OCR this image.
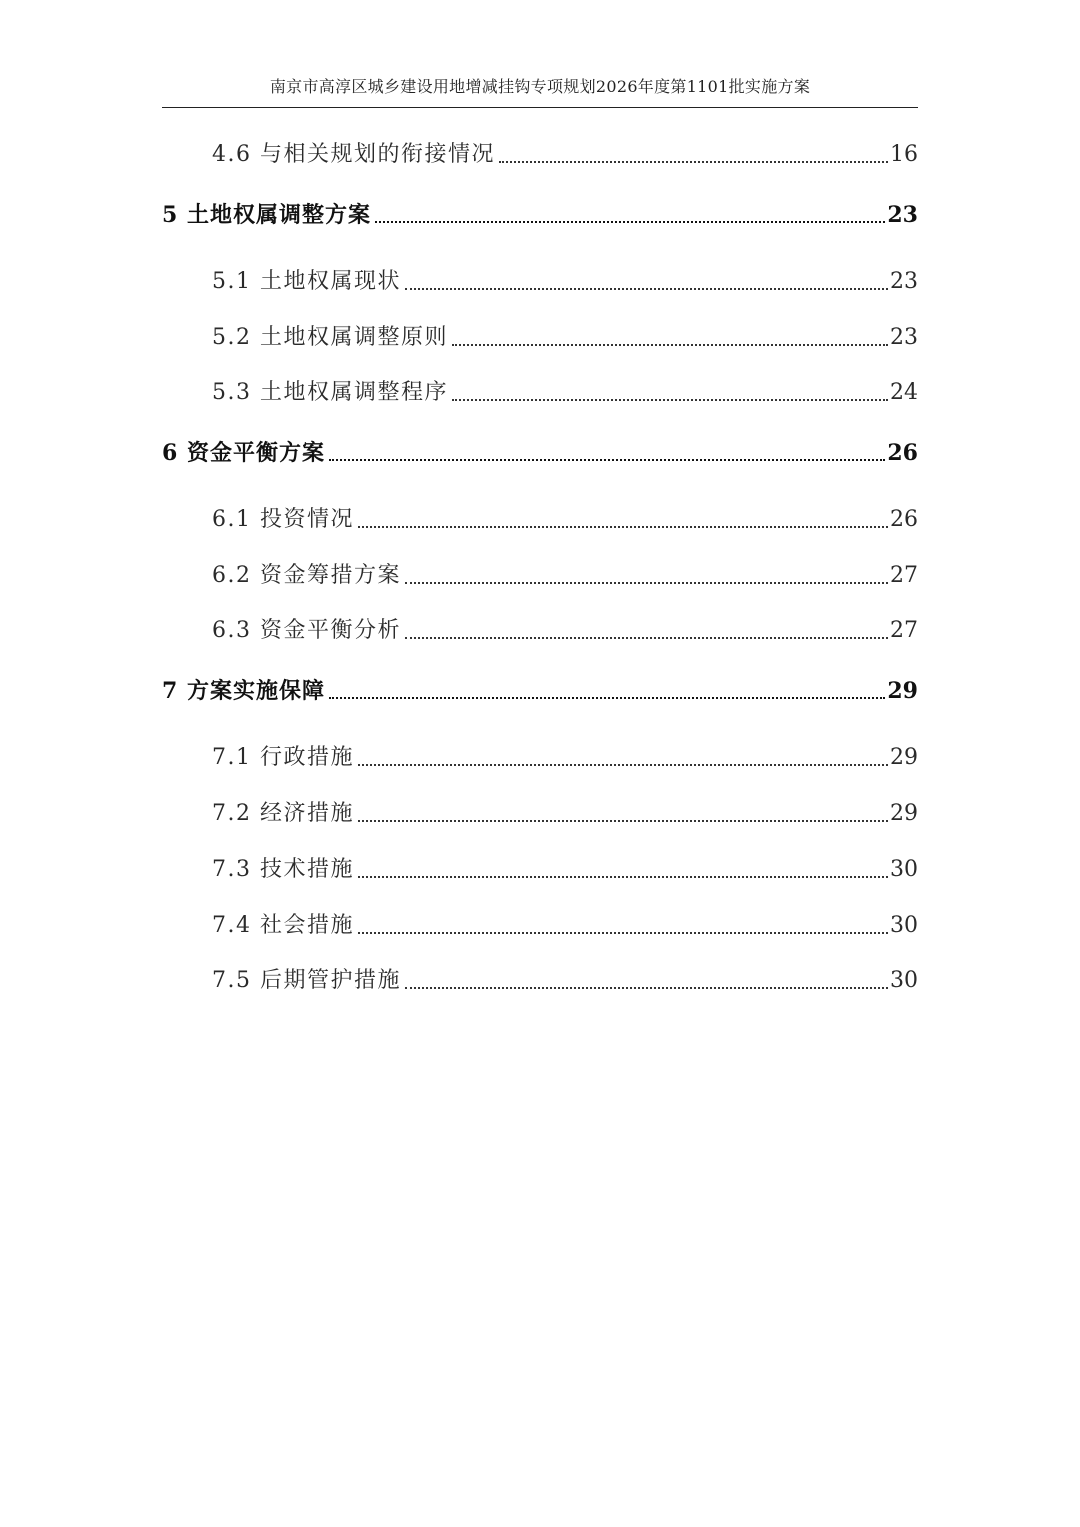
南京市高淳区城乡建设用地增减挂钩专项规划2026年度第1101批实施方案
4.6 与相关规划的衔接情况	16
5 土地权属调整方案	23
5.1 土地权属现状	23
5.2 土地权属调整原则	23
5.3 土地权属调整程序	24
6 资金平衡方案	26
6.1 投资情况	26
6.2 资金筹措方案	27
6.3 资金平衡分析	27
7 方案实施保障	29
7.1 行政措施	29
7.2 经济措施	29
7.3 技术措施	30
7.4 社会措施	30
7.5 后期管护措施	30
